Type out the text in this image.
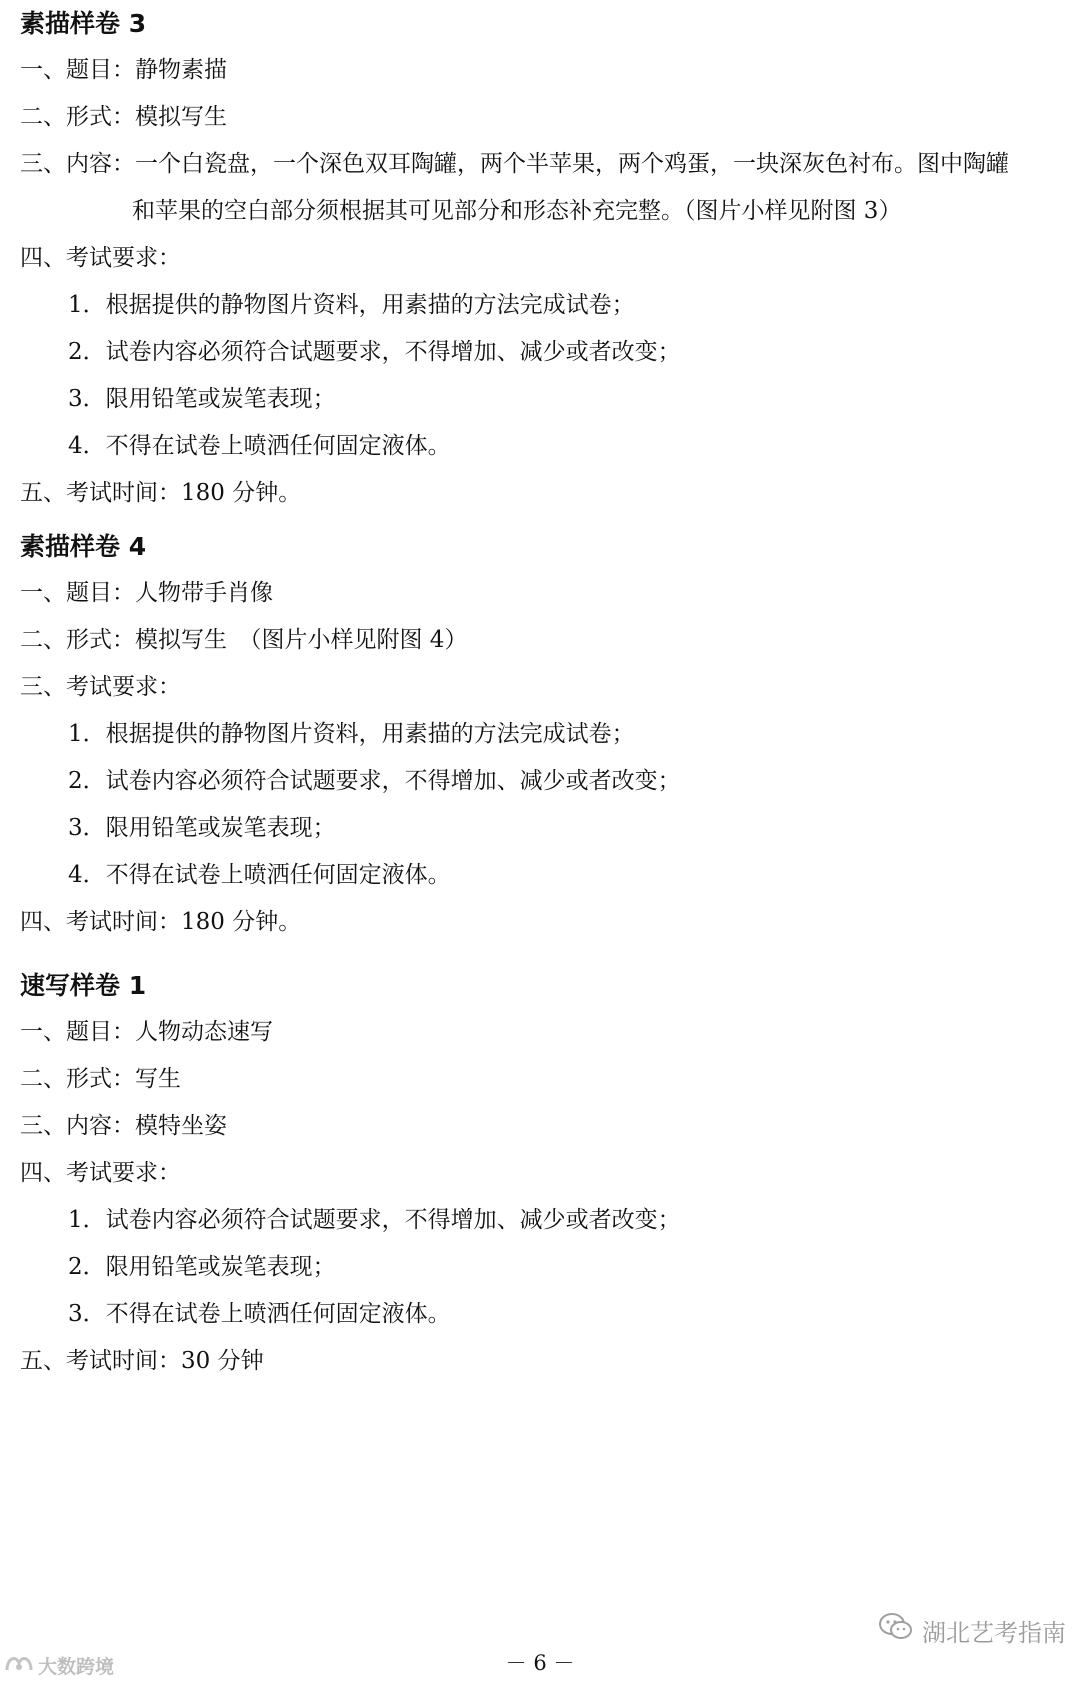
素描样卷 3
一、题目：静物素描
二、形式：模拟写生
三、内容：一个白瓷盘，一个深色双耳陶罐，两个半苹果，两个鸡蛋，一块深灰色衬布。图中陶罐
和苹果的空白部分须根据其可见部分和形态补充完整。（图片小样见附图 3）
四、考试要求：
1．根据提供的静物图片资料，用素描的方法完成试卷；
2．试卷内容必须符合试题要求，不得增加、减少或者改变；
3．限用铅笔或炭笔表现；
4．不得在试卷上喷洒任何固定液体。
五、考试时间：180 分钟。
素描样卷 4
一、题目：人物带手肖像
二、形式：模拟写生　（图片小样见附图 4）
三、考试要求：
1．根据提供的静物图片资料，用素描的方法完成试卷；
2．试卷内容必须符合试题要求，不得增加、减少或者改变；
3．限用铅笔或炭笔表现；
4．不得在试卷上喷洒任何固定液体。
四、考试时间：180 分钟。
速写样卷 1
一、题目：人物动态速写
二、形式：写生
三、内容：模特坐姿
四、考试要求：
1．试卷内容必须符合试题要求，不得增加、减少或者改变；
2．限用铅笔或炭笔表现；
3．不得在试卷上喷洒任何固定液体。
五、考试时间：30 分钟
－ 6 －
大数跨境
湖北艺考指南
